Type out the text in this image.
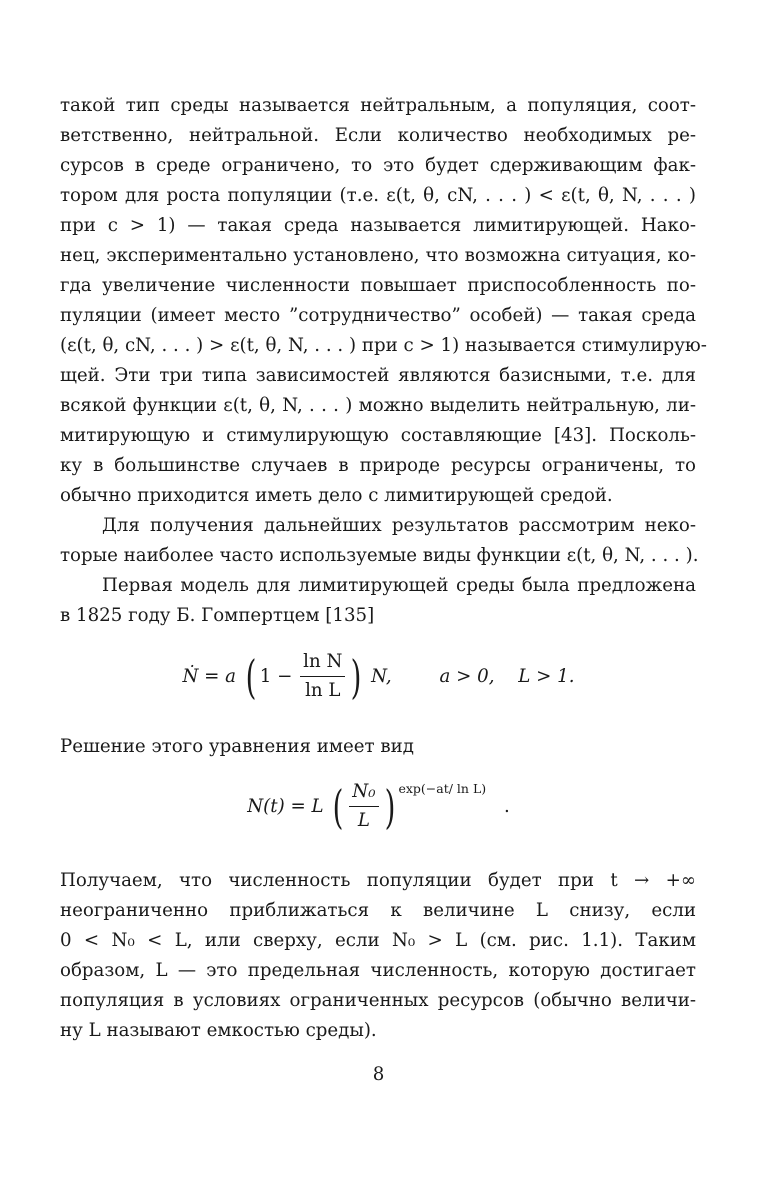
такой тип среды называется нейтральным, а популяция, соот-
ветственно, нейтральной. Если количество необходимых ре-
сурсов в среде ограничено, то это будет сдерживающим фак-
тором для роста популяции (т.е. ε(t, θ, cN, . . . ) < ε(t, θ, N, . . . )
при c > 1) — такая среда называется лимитирующей. Нако-
нец, экспериментально установлено, что возможна ситуация, ко-
гда увеличение численности повышает приспособленность по-
пуляции (имеет место ”сотрудничество” особей) — такая среда
(ε(t, θ, cN, . . . ) > ε(t, θ, N, . . . ) при c > 1) называется стимулирую-
щей. Эти три типа зависимостей являются базисными, т.е. для
всякой функции ε(t, θ, N, . . . ) можно выделить нейтральную, ли-
митирующую и стимулирующую составляющие [43]. Посколь-
ку в большинстве случаев в природе ресурсы ограничены, то
обычно приходится иметь дело с лимитирующей средой.
Для получения дальнейших результатов рассмотрим неко-
торые наиболее часто используемые виды функции ε(t, θ, N, . . . ).
Первая модель для лимитирующей среды была предложена
в 1825 году Б. Гомпертцем [135]
Ṅ = a ( $1 - \frac{\text{ln N}}{\text{ln L}}$ ) N,	a > 0, L > 1.
Решение этого уравнения имеет вид
N(t) = L ( $\frac{\text{N₀}}{L}$ ) exp(−at/ ln L) .
Получаем, что численность популяции будет при t → +∞
неограниченно приближаться к величине L снизу, если
0 < N₀ < L, или сверху, если N₀ > L (см. рис. 1.1). Таким
образом, L — это предельная численность, которую достигает
популяция в условиях ограниченных ресурсов (обычно величи-
ну L называют емкостью среды).
8
